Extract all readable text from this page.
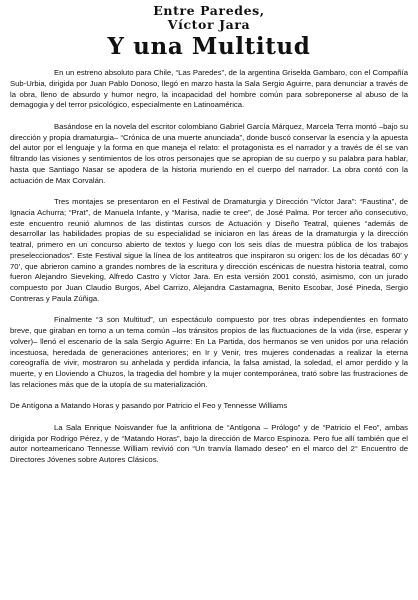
Entre Paredes,

Víctor Jara

Y una Multitud

En un estreno absoluto para Chile, “Las Paredes”, de la argentina Griselda Gambaro, con el Compañía Sub-Urbia, dirigida por Juan Pablo Donoso, llegó en marzo hasta la Sala Sergio Aguirre, para denunciar a través de la obra, lleno de absurdo y humor negro, la incapacidad del hombre común para sobreponerse al abuso de la demagogia y del terror psicológico, especialmente en Latinoamérica.

Basándose en la novela del escritor colombiano Gabriel García Márquez, Marcela Terra montó –bajo su dirección y propia dramaturgia– “Crónica de una muerte anunciada”, donde buscó conservar la esencia y la apuesta del autor por el lenguaje y la forma en que maneja el relato: el protagonista es el narrador y a través de él se van filtrando las visiones y sentimientos de los otros personajes que se apropian de su cuerpo y su palabra para hablar, hasta que Santiago Nasar se apodera de la historia muriendo en el cuerpo del narrador. La obra contó con la actuación de Max Corvalán.

Tres montajes se presentaron en el Festival de Dramaturgia y Dirección “Víctor Jara”: “Faustina”, de Ignacia Achurra; “Prat”, de Manuela Infante, y “Marisa, nadie te cree”, de José Palma. Por tercer año consecutivo, este encuentro reunió alumnos de las distintas cursos de Actuación y Diseño Teatral, quienes “además de desarrollar las habilidades propias de su especialidad se iniciaron en las áreas de la dramaturgia y la dirección teatral, primero en un concurso abierto de textos y luego con los seis días de muestra pública de los trabajos preseleccionados”. Este Festival sigue la línea de los antiteatros que inspiraron su origen: los de los décadas 60’ y 70’, que abrieron camino a grandes nombres de la escritura y dirección escénicas de nuestra historia teatral, como fueron Alejandro Sieveking, Alfredo Castro y Víctor Jara. En esta versión 2001 constó, asimismo, con un jurado compuesto por Juan Claudio Burgos, Abel Carrizo, Alejandra Castamagna, Benito Escobar, José Pineda, Sergio Contreras y Paula Zúñiga.

Finalmente “3 son Multitud”, un espectáculo compuesto por tres obras independientes en formato breve, que giraban en torno a un tema común –los tránsitos propios de las fluctuaciones de la vida (irse, esperar y volver)– llenó el escenario de la sala Sergio Aguirre: En La Partida, dos hermanos se ven unidos por una relación incestuosa, heredada de generaciones anteriores; en Ir y Venir, tres mujeres condenadas a realizar la eterna coreografía de vivir, mostraron su anhelada y perdida infancia, la falsa amistad, la soledad, el amor perdido y la muerte, y en Lloviendo a Chuzos, la tragedia del hombre y la mujer contemporánea, trató sobre las frustraciones de las relaciones más que de la utopía de su materialización.

De Antígona a Matando Horas y pasando por Patricio el Feo y Tennesse Williams

La Sala Enrique Noisvander fue la anfitriona de “Antígona – Prólogo” y de “Patricio el Feo”, ambas dirigida por Rodrigo Pérez, y de “Matando Horas”, bajo la dirección de Marco Espinoza. Pero fue allí también que el autor norteamericano Tennesse William revivió con “Un tranvía llamado deseo” en el marco del 2° Encuentro de Directores Jóvenes sobre Autores Clásicos.
